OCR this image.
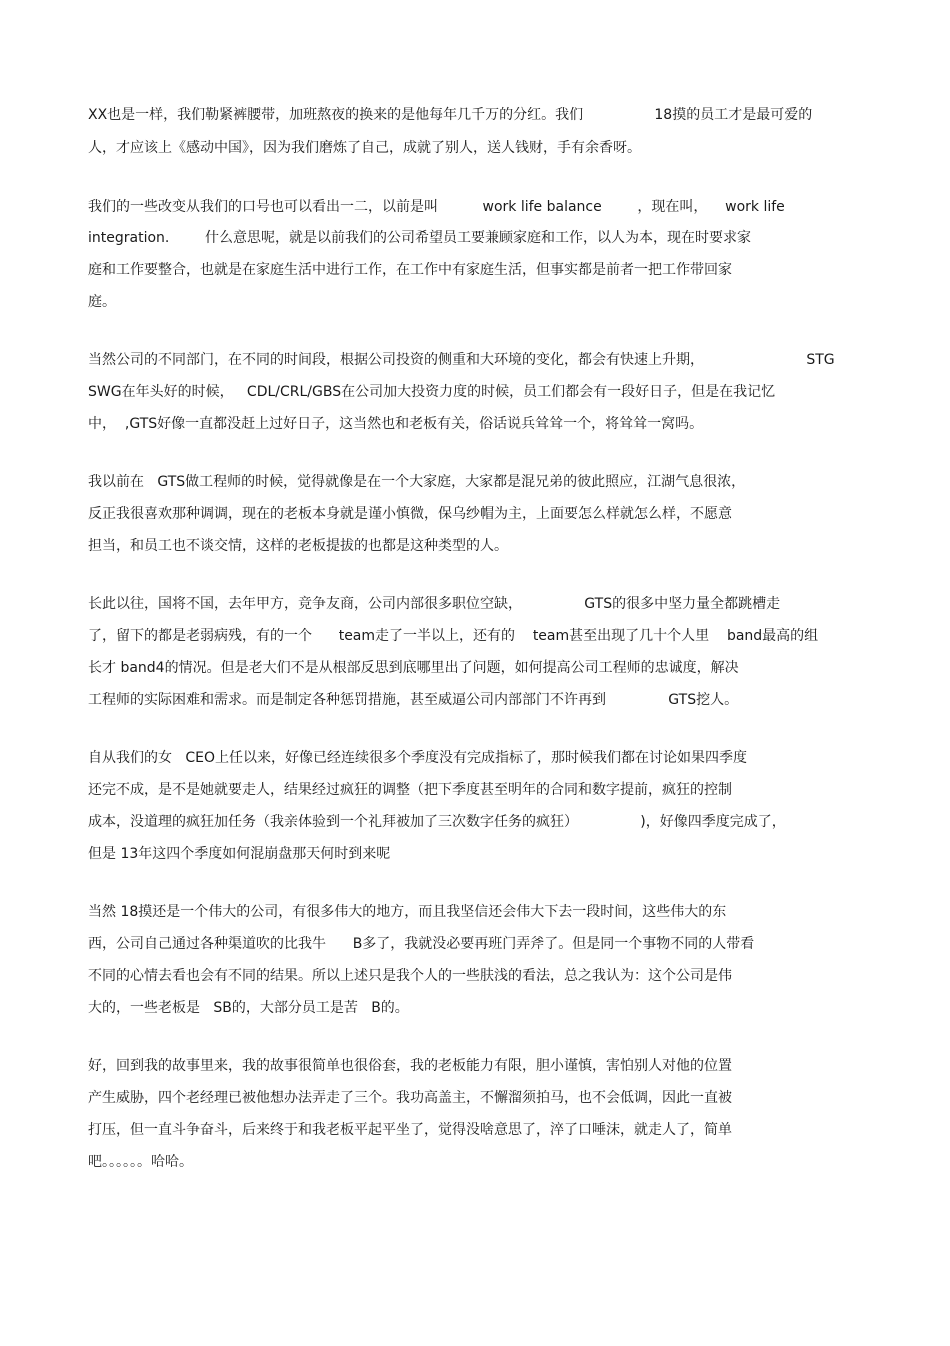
XX也是一样，我们勒紧裤腰带，加班熬夜的换来的是他每年几千万的分红。我们                18摸的员工才是最可爱的
人，才应该上《感动中国》，因为我们磨炼了自己，成就了别人，送人钱财，手有余香呀。
我们的一些改变从我们的口号也可以看出一二，以前是叫          work life balance        ，现在叫，    work life
integration.        什么意思呢，就是以前我们的公司希望员工要兼顾家庭和工作，以人为本，现在时要求家
庭和工作要整合，也就是在家庭生活中进行工作，在工作中有家庭生活，但事实都是前者一把工作带回家
庭。
当然公司的不同部门，在不同的时间段，根据公司投资的侧重和大环境的变化，都会有快速上升期，                       STG
SWG在年头好的时候，   CDL/CRL/GBS在公司加大投资力度的时候，员工们都会有一段好日子，但是在我记忆
中，  ,GTS好像一直都没赶上过好日子，这当然也和老板有关，俗话说兵耸耸一个，将耸耸一窝吗。
我以前在   GTS做工程师的时候，觉得就像是在一个大家庭，大家都是混兄弟的彼此照应，江湖气息很浓，
反正我很喜欢那种调调，现在的老板本身就是谨小慎微，保乌纱帽为主，上面要怎么样就怎么样，不愿意
担当，和员工也不谈交情，这样的老板提拔的也都是这种类型的人。
长此以往，国将不国，去年甲方，竞争友商，公司内部很多职位空缺，              GTS的很多中坚力量全都跳槽走
了，留下的都是老弱病残，有的一个      team走了一半以上，还有的    team甚至出现了几十个人里    band最高的组
长才 band4的情况。但是老大们不是从根部反思到底哪里出了问题，如何提高公司工程师的忠诚度，解决
工程师的实际困难和需求。而是制定各种惩罚措施，甚至威逼公司内部部门不许再到              GTS挖人。
自从我们的女   CEO上任以来，好像已经连续很多个季度没有完成指标了，那时候我们都在讨论如果四季度
还完不成，是不是她就要走人，结果经过疯狂的调整（把下季度甚至明年的合同和数字提前，疯狂的控制
成本，没道理的疯狂加任务（我亲体验到一个礼拜被加了三次数字任务的疯狂）              )，好像四季度完成了，
但是 13年这四个季度如何混崩盘那天何时到来呢
当然 18摸还是一个伟大的公司，有很多伟大的地方，而且我坚信还会伟大下去一段时间，这些伟大的东
西，公司自己通过各种渠道吹的比我牛      B多了，我就没必要再班门弄斧了。但是同一个事物不同的人带看
不同的心情去看也会有不同的结果。所以上述只是我个人的一些肤浅的看法，总之我认为：这个公司是伟
大的，一些老板是   SB的，大部分员工是苦   B的。
好，回到我的故事里来，我的故事很简单也很俗套，我的老板能力有限，胆小谨慎，害怕别人对他的位置
产生威胁，四个老经理已被他想办法弄走了三个。我功高盖主，不懈溜须拍马，也不会低调，因此一直被
打压，但一直斗争奋斗，后来终于和我老板平起平坐了，觉得没啥意思了，淬了口唾沫，就走人了，简单
吧。。。。。。哈哈。
